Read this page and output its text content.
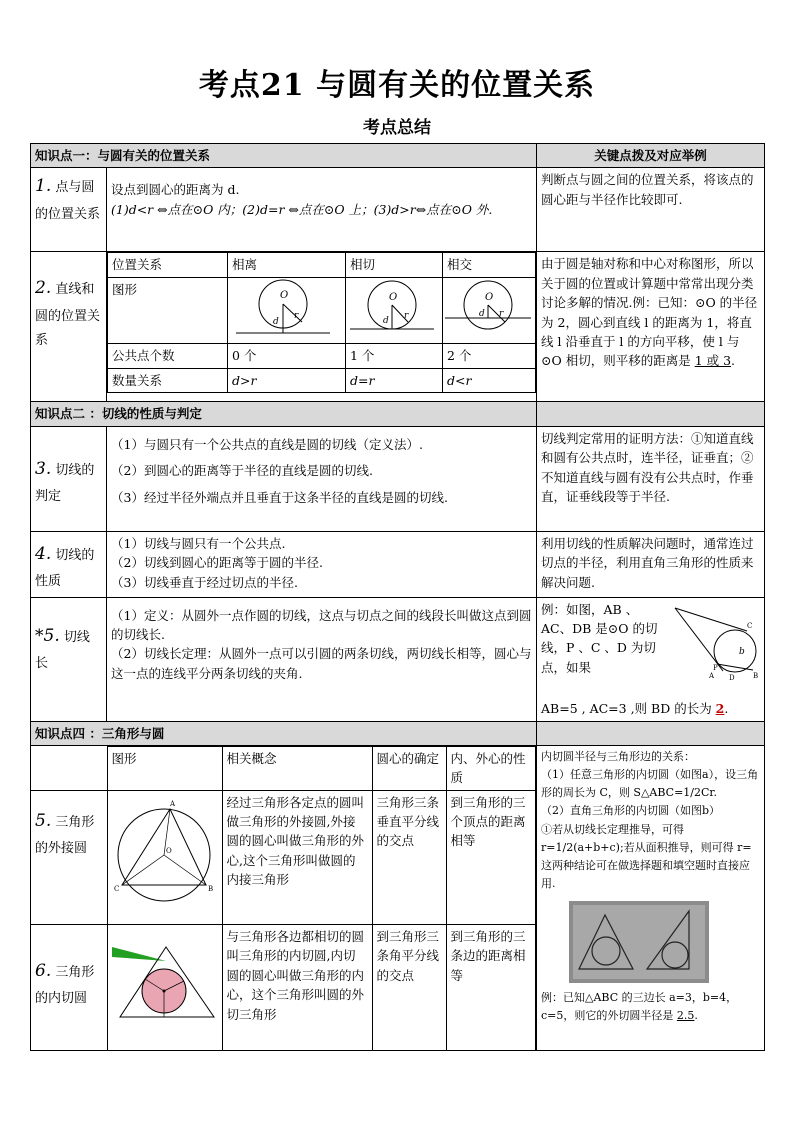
考点21 与圆有关的位置关系
考点总结
知识点一：与圆有关的位置关系	关键点拨及对应举例
1. 点与圆的位置关系	
设点到圆心的距离为 d.
(1)d<r ⇔点在⊙O 内；(2)d=r ⇔点在⊙O 上；(3)d>r⇔点在⊙O 外.
	判断点与圆之间的位置关系，将该点的圆心距与半径作比较即可.
2. 直线和圆的位置关系	
位置关系	相离	相切	相交
图形	O
d
r

O
d r

O
d r

公共点个数	0 个	1 个	2 个
数量关系	d>r	d=r	d<r
	由于圆是轴对称和中心对称图形，所以关于圆的位置或计算题中常常出现分类讨论多解的情况.例：已知：⊙O 的半径为 2，圆心到直线 l 的距离为 1，将直线 l 沿垂直于 l 的方向平移，使 l 与⊙O 相切，则平移的距离是 1 或 3.
知识点二 ：切线的性质与判定	
3. 切线的判定	
（1）与圆只有一个公共点的直线是圆的切线（定义法）.
（2）到圆心的距离等于半径的直线是圆的切线.
（3）经过半径外端点并且垂直于这条半径的直线是圆的切线.
	切线判定常用的证明方法：①知道直线和圆有公共点时，连半径，证垂直；②不知道直线与圆有没有公共点时，作垂直，证垂线段等于半径.
4. 切线的性质	
（1）切线与圆只有一个公共点.
（2）切线到圆心的距离等于圆的半径.
（3）切线垂直于经过切点的半径.
	利用切线的性质解决问题时，通常连过切点的半径，利用直角三角形的性质来解决问题.
*5. 切线长	
（1）定义：从圆外一点作圆的切线，这点与切点之间的线段长叫做这点到圆的切线长.
（2）切线长定理：从圆外一点可以引圆的两条切线，两切线长相等，圆心与这一点的连线平分两条切线的夹角.

例：如图，AB 、AC、DB 是⊙O 的切线，P 、C 、D 为切点，如果
b
C
P
A	B
D
AB=5 , AC=3 ,则 BD 的长为 2.

知识点四 ：三角形与圆	

	图形	相关概念	圆心的确定	内、外心的性质
5. 三角形的外接圆	O
A
C	B
	经过三角形各定点的圆叫做三角形的外接圆,外接圆的圆心叫做三角形的外心,这个三角形叫做圆的内接三角形	三角形三条垂直平分线的交点	到三角形的三个顶点的距离相等
6. 三角形的内切圆		与三角形各边都相切的圆叫三角形的内切圆,内切圆的圆心叫做三角形的内心，这个三角形叫圆的外切三角形	到三角形三条角平分线的交点	到三角形的三条边的距离相等

内切圆半径与三角形边的关系：
（1）任意三角形的内切圆（如图a），设三角形的周长为 C，则 S△ABC=1/2Cr.
（2）直角三角形的内切圆（如图b）
①若从切线长定理推导，可得 r=1/2(a+b+c);若从面积推导，则可得 r=这两种结论可在做选择题和填空题时直接应用.
例：已知△ABC 的三边长 a=3，b=4，c=5，则它的外切圆半径是 2.5.
